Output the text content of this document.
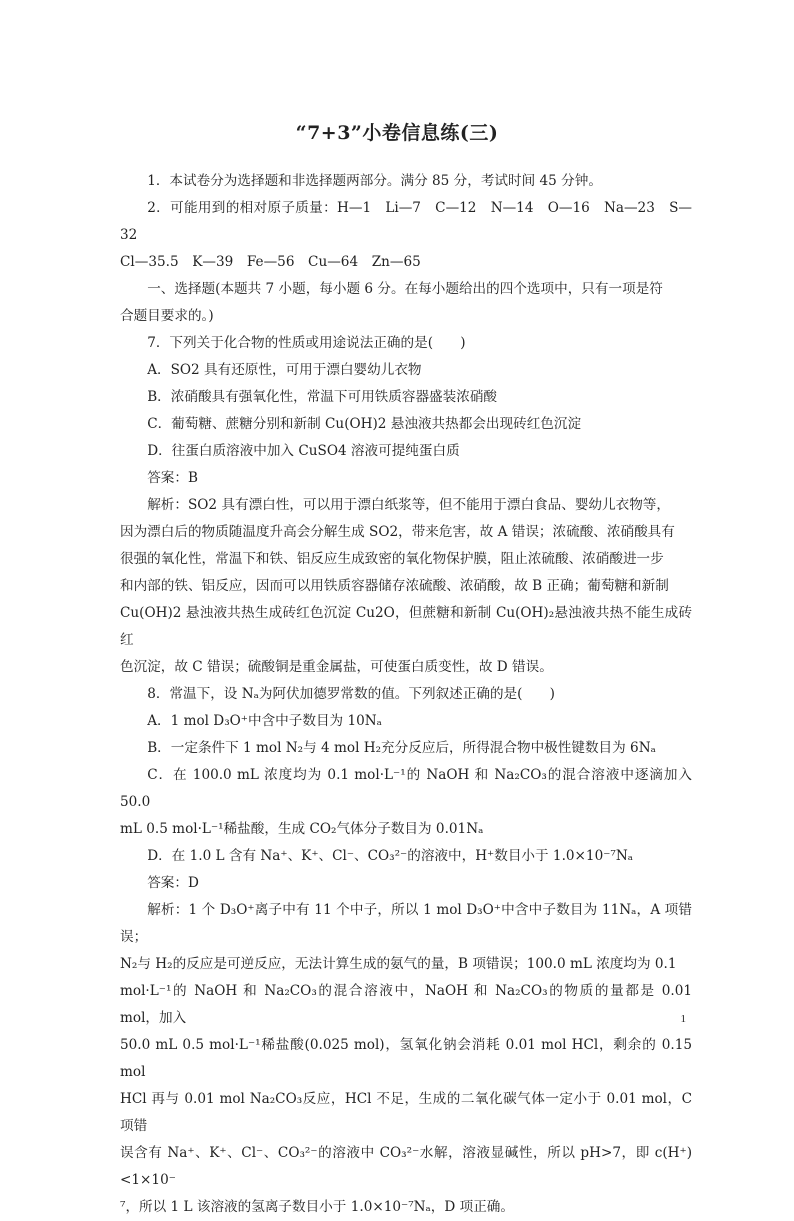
“7+3”小卷信息练(三)

1．本试卷分为选择题和非选择题两部分。满分 85 分，考试时间 45 分钟。

2．可能用到的相对原子质量：H—1　Li—7　C—12　N—14　O—16　Na—23　S—32

Cl—35.5　K—39　Fe—56　Cu—64　Zn—65

一、选择题(本题共 7 小题，每小题 6 分。在每小题给出的四个选项中，只有一项是符

合题目要求的。)

7．下列关于化合物的性质或用途说法正确的是(　　)

A．SO2 具有还原性，可用于漂白婴幼儿衣物

B．浓硝酸具有强氧化性，常温下可用铁质容器盛装浓硝酸

C．葡萄糖、蔗糖分别和新制 Cu(OH)2 悬浊液共热都会出现砖红色沉淀

D．往蛋白质溶液中加入 CuSO4 溶液可提纯蛋白质

答案：B

解析：SO2 具有漂白性，可以用于漂白纸浆等，但不能用于漂白食品、婴幼儿衣物等，

因为漂白后的物质随温度升高会分解生成 SO2，带来危害，故 A 错误；浓硫酸、浓硝酸具有

很强的氧化性，常温下和铁、铝反应生成致密的氧化物保护膜，阻止浓硫酸、浓硝酸进一步

和内部的铁、铝反应，因而可以用铁质容器储存浓硫酸、浓硝酸，故 B 正确；葡萄糖和新制

Cu(OH)2 悬浊液共热生成砖红色沉淀 Cu2O，但蔗糖和新制 Cu(OH)₂悬浊液共热不能生成砖红

色沉淀，故 C 错误；硫酸铜是重金属盐，可使蛋白质变性，故 D 错误。

8．常温下，设 Nₐ为阿伏加德罗常数的值。下列叙述正确的是(　　)

A．1 mol D₃O⁺中含中子数目为 10Nₐ

B．一定条件下 1 mol N₂与 4 mol H₂充分反应后，所得混合物中极性键数目为 6Nₐ

C．在 100.0 mL 浓度均为 0.1 mol·L⁻¹的 NaOH 和 Na₂CO₃的混合溶液中逐滴加入 50.0

mL 0.5 mol·L⁻¹稀盐酸，生成 CO₂气体分子数目为 0.01Nₐ

D．在 1.0 L 含有 Na⁺、K⁺、Cl⁻、CO₃²⁻的溶液中，H⁺数目小于 1.0×10⁻⁷Nₐ

答案：D

解析：1 个 D₃O⁺离子中有 11 个中子，所以 1 mol D₃O⁺中含中子数目为 11Nₐ，A 项错误；

N₂与 H₂的反应是可逆反应，无法计算生成的氨气的量，B 项错误；100.0 mL 浓度均为 0.1

mol·L⁻¹的 NaOH 和 Na₂CO₃的混合溶液中，NaOH 和 Na₂CO₃的物质的量都是 0.01 mol，加入

50.0 mL 0.5 mol·L⁻¹稀盐酸(0.025 mol)，氢氧化钠会消耗 0.01 mol HCl，剩余的 0.15 mol

HCl 再与 0.01 mol Na₂CO₃反应，HCl 不足，生成的二氧化碳气体一定小于 0.01 mol，C 项错

误含有 Na⁺、K⁺、Cl⁻、CO₃²⁻的溶液中 CO₃²⁻水解，溶液显碱性，所以 pH>7，即 c(H⁺)<1×10⁻

⁷，所以 1 L 该溶液的氢离子数目小于 1.0×10⁻⁷Nₐ，D 项正确。

1
